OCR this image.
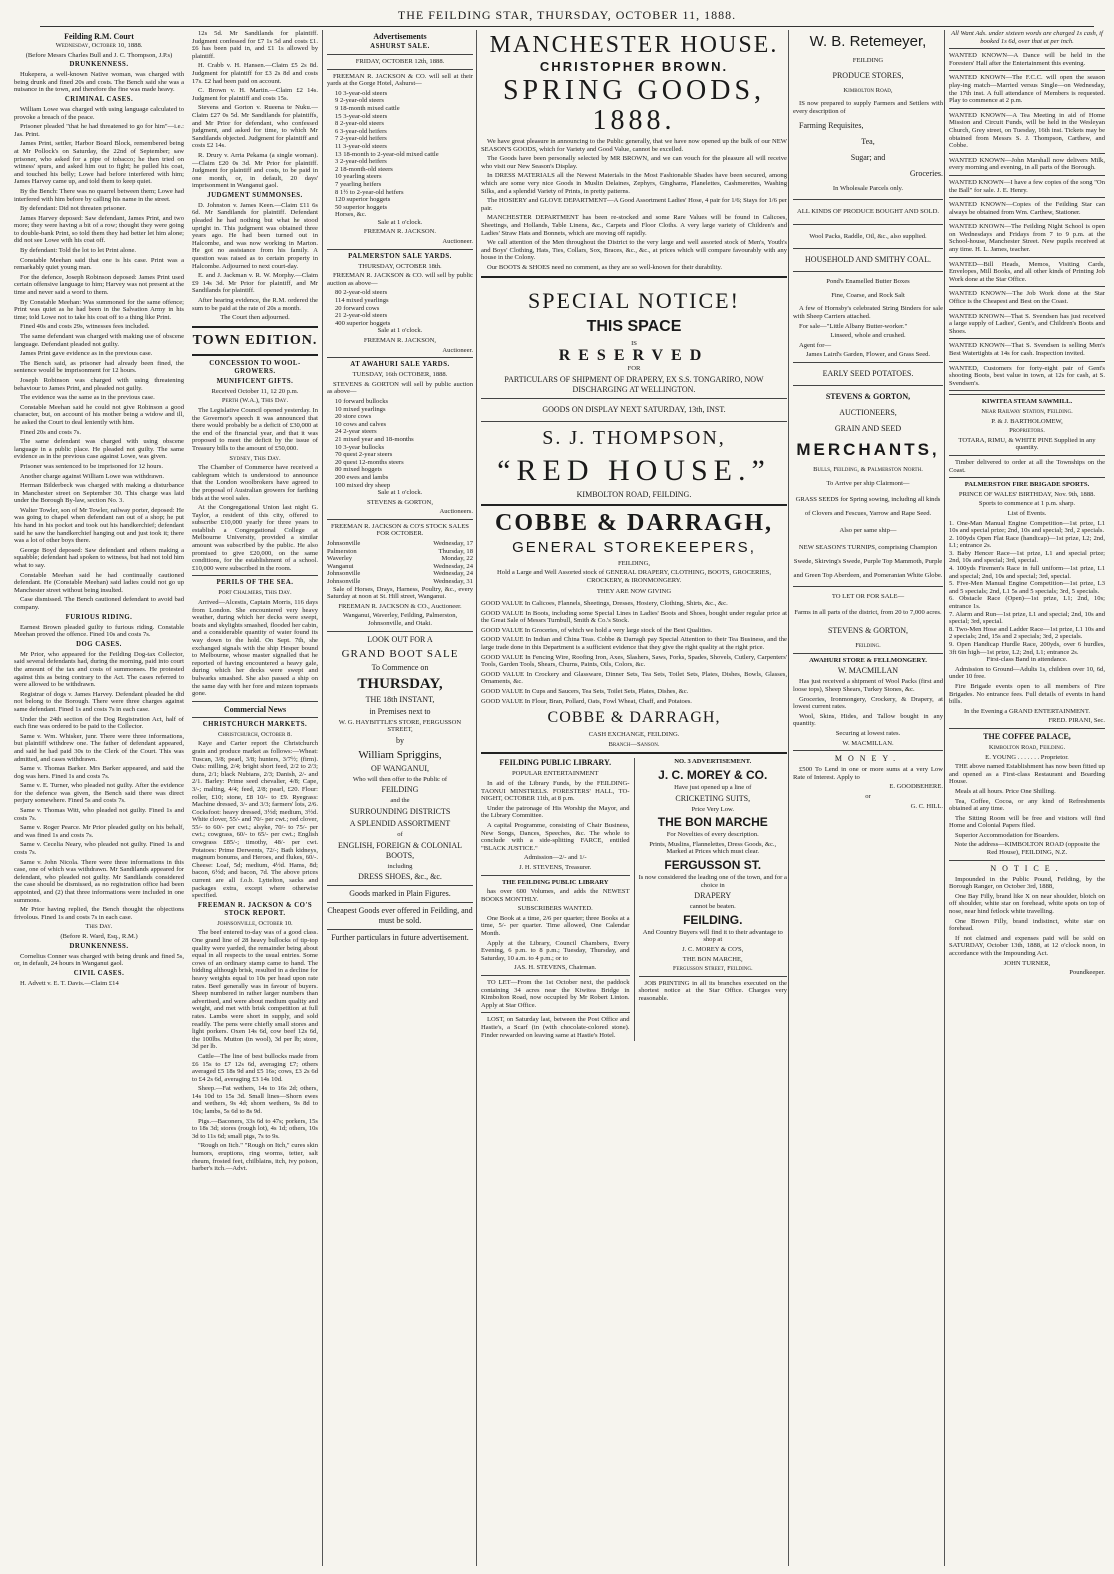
THE FEILDING STAR, THURSDAY, OCTOBER 11, 1888.
Feilding R.M. Court

Wednesday, October 10, 1888.

(Before Messrs Charles Bull and J. C. Thompson, J.P.s)

DRUNKENNESS.

Hukepera, a well-known Native woman, was charged with being drunk and fined 20s and costs. The Bench said she was a nuisance in the town, and therefore the fine was made heavy.

CRIMINAL CASES.

William Lowe was charged with using language calculated to provoke a breach of the peace.

Prisoner pleaded "that he had threatened to go for him"—i.e.: Jas. Print.

James Print, settler, Harbor Board Block, remembered being at Mr Pollock's on Saturday, the 22nd of September; saw prisoner, who asked for a pipe of tobacco; he then tried on witness' spurs, and asked him out to fight; he pulled his coat, and touched his belly; Lowe had before interfered with him; James Harvey came up, and told them to keep quiet.

By the Bench: There was no quarrel between them; Lowe had interfered with him before by calling his name in the street.

By defendant: Did not threaten prisoner.

James Harvey deposed: Saw defendant, James Print, and two more; they were having a bit of a row; thought they were going to double-bank Print, so told them they had better let him alone; did not see Lowe with his coat off.

By defendant: Told the lot to let Print alone.

Constable Meehan said that one is his case. Print was a remarkably quiet young man.

For the defence, Joseph Robinson deposed: James Print used certain offensive language to him; Harvey was not present at the time and never said a word to them.

By Constable Meehan: Was summoned for the same offence; Print was quiet as he had been in the Salvation Army in his time; told Lowe not to take his coat off to a thing like Print.

Fined 40s and costs 29s, witnesses fees included.

The same defendant was charged with making use of obscene language. Defendant pleaded not guilty.

James Print gave evidence as in the previous case.

The Bench said, as prisoner had already been fined, the sentence would be imprisonment for 12 hours.

Joseph Robinson was charged with using threatening behaviour to James Print, and pleaded not guilty.

The evidence was the same as in the previous case.

Constable Meehan said he could not give Robinson a good character, but, on account of his mother being a widow and ill, he asked the Court to deal leniently with him.

Fined 20s and costs 7s.

The same defendant was charged with using obscene language in a public place. He pleaded not guilty. The same evidence as in the previous case against Lowe, was given.

Prisoner was sentenced to be imprisoned for 12 hours.

Another charge against William Lowe was withdrawn.

Herman Bilderbeck was charged with making a disturbance in Manchester street on September 30. This charge was laid under the Borough By-law, section No. 3.

Walter Towler, son of Mr Towler, railway porter, deposed: He was going to chapel when defendant ran out of a shop; he put his hand in his pocket and took out his handkerchief; defendant said he saw the handkerchief hanging out and just took it; there was a lot of other boys there.

George Boyd deposed: Saw defendant and others making a squabble; defendant had spoken to witness, but had not told him what to say.

Constable Meehan said he had continually cautioned defendant. He (Constable Meehan) said ladies could not go up Manchester street without being insulted.

Case dismissed. The Bench cautioned defendant to avoid bad company.

FURIOUS RIDING.

Earnest Brown pleaded guilty to furious riding. Constable Meehan proved the offence. Fined 10s and costs 7s.

DOG CASES.

Mr Prior, who appeared for the Feilding Dog-tax Collector, said several defendants had, during the morning, paid into court the amount of the tax and costs of summonses. He protested against this as being contrary to the Act. The cases referred to were allowed to be withdrawn.

Registrar of dogs v. James Harvey. Defendant pleaded he did not belong to the Borough. There were three charges against same defendant. Fined 1s and costs 7s in each case.

Under the 24th section of the Dog Registration Act, half of each fine was ordered to be paid to the Collector.

Same v. Wm. Whisker, junr. There were three informations, but plaintiff withdrew one. The father of defendant appeared, and said he had paid 30s to the Clerk of the Court. This was admitted, and cases withdrawn.

Same v. Thomas Barker. Mrs Barker appeared, and said the dog was hers. Fined 1s and costs 7s.

Same v. E. Turner, who pleaded not guilty. After the evidence for the defence was given, the Bench said there was direct perjury somewhere. Fined 5s and costs 7s.

Same v. Thomas Witt, who pleaded not guilty. Fined 1s and costs 7s.

Same v. Roger Pearce. Mr Prior pleaded guilty on his behalf, and was fined 1s and costs 7s.

Same v. Cecelia Neary, who pleaded not guilty. Fined 1s and costs 7s.

Same v. John Nicola. There were three informations in this case, one of which was withdrawn. Mr Sandilands appeared for defendant, who pleaded not guilty. Mr Sandilands considered the case should be dismissed, as no registration office had been appointed, and (2) that three informations were included in one summons.

Mr Prior having replied, the Bench thought the objections frivolous. Fined 1s and costs 7s in each case.

This Day.

(Before R. Ward, Esq., R.M.)

DRUNKENNESS.

Cornelius Conner was charged with being drunk and fined 5s, or, in default, 24 hours in Wanganui gaol.

CIVIL CASES.

H. Advett v. E. T. Davis.—Claim £14

12s 5d. Mr Sandilands for plaintiff. Judgment confessed for £7 1s 5d and costs £1. £6 has been paid in, and £1 1s allowed by plaintiff.

H. Crabb v. H. Hansen.—Claim £5 2s 8d. Judgment for plaintiff for £3 2s 8d and costs 17s. £2 had been paid on account.

C. Brown v. H. Martin.—Claim £2 14s. Judgment for plaintiff and costs 15s.

Stevens and Gorton v. Rueena te Nuku.—Claim £27 0s 5d. Mr Sandilands for plaintiffs, and Mr Prior for defendant, who confessed judgment, and asked for time, to which Mr Sandilands objected. Judgment for plaintiff and costs £2 14s.

R. Drury v. Arria Pekama (a single woman).—Claim £20 0s 3d. Mr Prior for plaintiff. Judgment for plaintiff and costs, to be paid in one month, or, in default, 20 days' imprisonment in Wanganui gaol.

JUDGMENT SUMMONSES.

D. Johnston v. James Keen.—Claim £11 6s 6d. Mr Sandilands for plaintiff. Defendant pleaded he had nothing but what he stood upright in. This judgment was obtained three years ago. He had been turned out in Halcombe, and was now working in Marton. He got no assistance from his family. A question was raised as to certain property in Halcombe. Adjourned to next court-day.

E. and J. Jackman v. R. W. Morphy.—Claim £9 14s 3d. Mr Prior for plaintiff, and Mr Sandilands for plaintiff.

After hearing evidence, the R.M. ordered the sum to be paid at the rate of 20s a month.

The Court then adjourned.

TOWN EDITION.
CONCESSION TO WOOL-GROWERS.
MUNIFICENT GIFTS.

Received October 11, 12 20 p.m.

Perth (W.A.), This Day.

The Legislative Council opened yesterday. In the Governor's speech it was announced that there would probably be a deficit of £30,000 at the end of the financial year, and that it was proposed to meet the deficit by the issue of Treasury bills to the amount of £50,000.

Sydney, This Day.

The Chamber of Commerce have received a cablegram which is understood to announce that the London woolbrokers have agreed to the proposal of Australian growers for farthing bids at the wool sales.

At the Congregational Union last night G. Taylor, a resident of this city, offered to subscribe £10,000 yearly for three years to establish a Congregational College at Melbourne University, provided a similar amount was subscribed by the public. He also promised to give £20,000, on the same conditions, for the establishment of a school. £10,000 were subscribed in the room.

PERILS OF THE SEA.

Port Chalmers, This Day.

Arrived—Alcestis, Captain Morris, 116 days from London. She encountered very heavy weather, during which her decks were swept, boats and skylights smashed, flooded her cabin, and a considerable quantity of water found its way down to the hold. On Sept. 7th, she exchanged signals with the ship Hesper bound to Melbourne, whose master signalled that he reported of having encountered a heavy gale, during which her decks were swept and bulwarks smashed. She also passed a ship on the same day with her fore and mizen topmasts gone.

Commercial News
CHRISTCHURCH MARKETS.

Christchurch, October 8.

Kaye and Carter report the Christchurch grain and produce market as follows:—Wheat: Tuscan, 3/8; pearl, 3/8; hunters, 3/7½; (firm). Oats: milling, 2/4; bright short feed, 2/2 to 2/3; duns, 2/1; black Nubians, 2/3; Danish, 2/- and 2/1. Barley: Prime seed chevalier, 4/8; Cape, 3/-; malting, 4/4; feed, 2/8; pearl, £20. Flour: roller, £10; stone, £8 10/- to £9. Ryegrass: Machine dressed, 3/- and 3/3; farmers' lots, 2/6. Cocksfoot: heavy dressed, 3½d; medium, 3½d. White clover, 55/- and 70/- per cwt.; red clover, 55/- to 60/- per cwt.; alsyke, 70/- to 75/- per cwt.; cowgrass, 60/- to 65/- per cwt.; English cowgrass £85/-; timothy, 48/- per cwt. Potatoes: Prime Derwents, 72/-; Bath kidneys, magnum bonums, and Heroes, and flukes, 60/-. Cheese: Loaf, 5d; medium, 4½d. Hams, 8d; bacon, 6½d; and bacon, 7d. The above prices current are all f.o.b. Lyttelton, sacks and packages extra, except where otherwise specified.

FREEMAN R. JACKSON & CO'S STOCK REPORT.

Johnsonville, October 10.

The beef entered to-day was of a good class. One grand line of 28 heavy bullocks of tip-top quality were yarded, the remainder being about equal in all respects to the usual entries. Some cows of an ordinary stamp came to hand. The bidding although brisk, resulted in a decline for heavy weights equal to 10s per head upon rate rates. Beef generally was in favour of buyers. Sheep numbered in rather larger numbers than advertised, and were about medium quality and weight, and met with brisk competition at full rates. Lambs were short in supply, and sold readily. The pens were chiefly small stores and light porkers. Oxen 14s 6d, cow beef 12s 6d, the 100lbs. Mutton (in wool), 3d per lb; store, 3d per lb.

Cattle—The line of best bullocks made from £6 15s to £7 12s 6d, averaging £7; others averaged £5 18s 9d and £5 16s; cows, £3 2s 6d to £4 2s 6d, averaging £3 14s 10d.

Sheep.—Fat wethers, 14s to 16s 2d; others, 14s 10d to 15s 3d. Small lines—Shorn ewes and wethers, 9s 4d; shorn wethers, 9s 8d to 10s; lambs, 5s 6d to 8s 9d.

Pigs.—Baconers, 33s 6d to 47s; porkers, 15s to 18s 3d; stores (rough lot), 4s 1d; others, 10s 3d to 11s 6d; small pigs, 7s to 9s.

"Rough on Itch." "Rough on Itch," cures skin humors, eruptions, ring worms, tetter, salt rheum, frosted feet, chilblains, itch, ivy poison, barber's itch.—Advt.

Advertisements
ASHURST SALE.

FRIDAY, OCTOBER 12th, 1888.

FREEMAN R. JACKSON & CO. will sell at their yards at the Gorge Hotel, Ashurst—

10 3-year-old steers
9 2-year-old steers
9 18-month mixed cattle
15 3-year-old steers
8 2-year-old steers
6 3-year-old heifers
7 2-year-old heifers
11 3-year-old steers
13 18-month to 2-year-old mixed cattle
3 2-year-old heifers
2 18-month-old steers
10 yearling steers
7 yearling heifers
8 1½ to 2-year-old heifers
120 superior hoggets
50 superior hoggets
Horses, &c.

Sale at 1 o'clock.

FREEMAN R. JACKSON.

Auctioneer.

PALMERSTON SALE YARDS.

THURSDAY, OCTOBER 18th.

FREEMAN R. JACKSON & CO. will sell by public auction as above—

80 2-year-old steers
114 mixed yearlings
20 forward cows
21 2-year-old steers
400 superior hoggets

Sale at 1 o'clock.

FREEMAN R. JACKSON,

Auctioneer.

AT AWAHURI SALE YARDS.

TUESDAY, 16th OCTOBER, 1888.

STEVENS & GORTON will sell by public auction as above—

10 forward bullocks
10 mixed yearlings
20 store cows
10 cows and calves
24 2-year steers
21 mixed year and 18-months
10 3-year bullocks
70 quest 2-year steers
20 quest 12-months steers
80 mixed hoggets
200 ewes and lambs
100 mixed dry sheep

Sale at 1 o'clock.

STEVENS & GORTON,

Auctioneers.

FREEMAN R. JACKSON & CO'S STOCK SALES FOR OCTOBER.

Johnsonville	Wednesday, 17
Palmerston	Thursday, 18
Waverley	Monday, 22
Wanganui	Wednesday, 24
Johnsonville	Wednesday, 24
Johnsonville	Wednesday, 31

Sale of Horses, Drays, Harness, Poultry, &c., every Saturday at noon at St. Hill street, Wanganui.

FREEMAN R. JACKSON & CO., Auctioneer.

Wanganui, Waverley, Feilding, Palmerston, Johnsonville, and Otaki.

LOOK OUT FOR A

GRAND BOOT SALE

To Commence on

THURSDAY,

THE 18th INSTANT,

in Premises next to

W. G. HAYBITTLE'S STORE, FERGUSSON STREET,

by

William Spriggins,

OF WANGANUI,

Who will then offer to the Public of

FEILDING

and the

SURROUNDING DISTRICTS

A SPLENDID ASSORTMENT

of

ENGLISH, FOREIGN & COLONIAL BOOTS,

including

DRESS SHOES, &c., &c.

Goods marked in Plain Figures.

Cheapest Goods ever offered in Feilding, and must be sold.

Further particulars in future advertisement.

MANCHESTER HOUSE.
CHRISTOPHER BROWN.
SPRING GOODS, 1888.

We have great pleasure in announcing to the Public generally, that we have now opened up the bulk of our NEW SEASON'S GOODS, which for Variety and Good Value, cannot be excelled.

The Goods have been personally selected by MR BROWN, and we can vouch for the pleasure all will receive who visit our New Season's Display.

In DRESS MATERIALS all the Newest Materials in the Most Fashionable Shades have been secured, among which are some very nice Goods in Muslin Delaines, Zephyrs, Ginghams, Flanelettes, Cashmerettes, Washing Silks, and a splendid Variety of Prints, in pretty patterns.

The HOSIERY and GLOVE DEPARTMENT—A Good Assortment Ladies' Hose, 4 pair for 1/6; Stays for 1/6 per pair.

MANCHESTER DEPARTMENT has been re-stocked and some Rare Values will be found in Calicoes, Sheetings, and Hollands, Table Linens, &c., Carpets and Floor Cloths. A very large variety of Children's and Ladies' Straw Hats and Bonnets, which are moving off rapidly.

We call attention of the Men throughout the District to the very large and well assorted stock of Men's, Youth's and Boys' Clothing, Hats, Ties, Collars, Sox, Braces, &c., &c., at prices which will compare favourably with any house in the Colony.

Our BOOTS & SHOES need no comment, as they are so well-known for their durability.

SPECIAL NOTICE!
THIS SPACE

IS

RESERVED

FOR

PARTICULARS OF SHIPMENT OF DRAPERY, EX S.S. TONGARIRO, NOW DISCHARGING AT WELLINGTON.

GOODS ON DISPLAY NEXT SATURDAY, 13th, INST.

S. J. THOMPSON,
“RED HOUSE.”

KIMBOLTON ROAD, FEILDING.

COBBE & DARRAGH,
GENERAL STOREKEEPERS,

FEILDING,

Hold a Large and Well Assorted stock of GENERAL DRAPERY, CLOTHING, BOOTS, GROCERIES, CROCKERY, & IRONMONGERY.

THEY ARE NOW GIVING

GOOD VALUE In Calicoes, Flannels, Sheetings, Dresses, Hosiery, Clothing, Shirts, &c., &c.

GOOD VALUE In Boots, including some Special Lines in Ladies' Boots and Shoes, bought under regular price at the Great Sale of Messrs Turnbull, Smith & Co.'s Stock.

GOOD VALUE In Groceries, of which we hold a very large stock of the Best Qualities.

GOOD VALUE In Indian and China Teas. Cobbe & Darragh pay Special Attention to their Tea Business, and the large trade done in this Department is a sufficient evidence that they give the right quality at the right price.

GOOD VALUE In Fencing Wire, Roofing Iron, Axes, Slashers, Saws, Forks, Spades, Shovels, Cutlery, Carpenters' Tools, Garden Tools, Shears, Churns, Paints, Oils, Colors, &c.

GOOD VALUE In Crockery and Glassware, Dinner Sets, Tea Sets, Toilet Sets, Plates, Dishes, Bowls, Glasses, Ornaments, &c.

GOOD VALUE In Cups and Saucers, Tea Sets, Toilet Sets, Plates, Dishes, &c.

GOOD VALUE In Flour, Bran, Pollard, Oats, Fowl Wheat, Chaff, and Potatoes.

COBBE & DARRAGH,

CASH EXCHANGE, FEILDING.

Branch—Sanson.

FEILDING PUBLIC LIBRARY.

POPULAR ENTERTAINMENT

In aid of the Library Funds, by the FEILDING-TAONUI MINSTRELS. FORESTERS' HALL, TO-NIGHT, OCTOBER 11th, at 8 p.m.

Under the patronage of His Worship the Mayor, and the Library Committee.

A capital Programme, consisting of Chair Business, New Songs, Dances, Speeches, &c. The whole to conclude with a side-splitting FARCE, entitled "BLACK JUSTICE."

Admission—2/- and 1/-

J. H. STEVENS, Treasurer.

THE FEILDING PUBLIC LIBRARY

has over 600 Volumes, and adds the NEWEST BOOKS MONTHLY.

SUBSCRIBERS WANTED.

One Book at a time, 2/6 per quarter; three Books at a time, 5/- per quarter. Time allowed, One Calendar Month.

Apply at the Library, Council Chambers, Every Evening, 6 p.m. to 8 p.m.; Tuesday, Thursday, and Saturday, 10 a.m. to 4 p.m.; or to

JAS. H. STEVENS, Chairman.

TO LET—From the 1st October next, the paddock containing 34 acres near the Kiwitea Bridge in Kimbolton Road, now occupied by Mr Robert Linton. Apply at Star Office.

LOST, on Saturday last, between the Post Office and Hastie's, a Scarf (in (with chocolate-colored stone). Finder rewarded on leaving same at Hastie's Hotel.

NO. 3 ADVERTISEMENT.

J. C. MOREY & CO.

Have just opened up a line of

CRICKETING SUITS,

Price Very Low.

THE BON MARCHE

For Novelties of every description.

Prints, Muslins, Flannelettes, Dress Goods, &c., Marked at Prices which must clear.

FERGUSSON ST.

Is now considered the leading one of the town, and for a choice in

DRAPERY

cannot be beaten.

FEILDING.

And Country Buyers will find it to their advantage to shop at

J. C. MOREY & CO'S,

THE BON MARCHE,

Fergusson Street, Feilding.

JOB PRINTING in all its branches executed on the shortest notice at the Star Office. Charges very reasonable.

W. B. Retemeyer,

FEILDING

PRODUCE STORES,

Kimbolton Road,

IS now prepared to supply Farmers and Settlers with every description of

Farming Requisites,

Tea,

Sugar; and

Groceries.

In Wholesale Parcels only.

ALL KINDS OF PRODUCE BOUGHT AND SOLD.

Wool Packs, Raddle, Oil, &c., also supplied.

HOUSEHOLD AND SMITHY COAL.

Pond's Enamelled Butter Boxes

Fine, Coarse, and Rock Salt

A few of Hornsby's celebrated String Binders for sale with Sheep Carriers attached.

For sale—"Little Albany Butter-worker."

Linseed, whole and crushed.

Agent for—

James Laird's Garden, Flower, and Grass Seed.

EARLY SEED POTATOES.

STEVENS & GORTON,

AUCTIONEERS,

GRAIN AND SEED

MERCHANTS,

Bulls, Feilding, & Palmerston North.

To Arrive per ship Clairmont—

GRASS SEEDS for Spring sowing, including all kinds of Clovers and Fescues, Yarrow and Rape Seed.

Also per same ship—

NEW SEASON'S TURNIPS, comprising Champion Swede, Skirving's Swede, Purple Top Mammoth, Purple and Green Top Aberdeen, and Pomeranian White Globe.

TO LET OR FOR SALE—

Farms in all parts of the district, from 20 to 7,000 acres.

STEVENS & GORTON,

Feilding.

AWAHURI STORE & FELLMONGERY.

W. MACMILLAN

Has just received a shipment of Wool Packs (first and loose tops), Sheep Shears, Turkey Stones, &c.

Groceries, Ironmongery, Crockery, & Drapery, at lowest current rates.

Wool, Skins, Hides, and Tallow bought in any quantity.

Securing at lowest rates.

W. MACMILLAN.

MONEY.

£500 To Lend in one or more sums at a very Low Rate of Interest. Apply to

E. GOODBEHERE.

or

G. C. HILL.

All Want Ads. under sixteen words are charged 1s cash, if booked 1s 6d, over that at per inch.

WANTED KNOWN—A Dance will be held in the Foresters' Hall after the Entertainment this evening.

WANTED KNOWN—The F.C.C. will open the season play-ing match—Married versus Single—on Wednesday, the 17th inst. A full attendance of Members is requested. Play to commence at 2 p.m.

WANTED KNOWN—A Tea Meeting in aid of Home Mission and Circuit Funds, will be held in the Wesleyan Church, Grey street, on Tuesday, 16th inst. Tickets may be obtained from Messrs S. J. Thompson, Carthew, and Cobbe.

WANTED KNOWN—John Marshall now delivers Milk, every morning and evening, in all parts of the Borough.

WANTED KNOWN—I have a few copies of the song "On the Ball" for sale. J. E. Henry.

WANTED KNOWN—Copies of the Feilding Star can always be obtained from Wm. Carthew, Stationer.

WANTED KNOWN—The Feilding Night School is open on Wednesdays and Fridays from 7 to 9 p.m. at the School-house, Manchester Street. New pupils received at any time. H. L. James, teacher.

WANTED—Bill Heads, Memos, Visiting Cards, Envelopes, Mill Books, and all other kinds of Printing Job Work done at the Star Office.

WANTED KNOWN—The Job Work done at the Star Office is the Cheapest and Best on the Coast.

WANTED KNOWN—That S. Svendsen has just received a large supply of Ladies', Gent's, and Children's Boots and Shoes.

WANTED KNOWN—That S. Svendsen is selling Men's Best Watertights at 14s for cash. Inspection invited.

WANTED, Customers for forty-eight pair of Gent's shooting Boots, best value in town, at 12s for cash, at S. Svendsen's.

KIWITEA STEAM SAWMILL.

Near Railway Station, Feilding.

P. & J. BARTHOLOMEW,

Proprietors.

TOTARA, RIMU, & WHITE PINE Supplied in any quantity.

Timber delivered to order at all the Townships on the Coast.

PALMERSTON FIRE BRIGADE SPORTS.

PRINCE OF WALES' BIRTHDAY, Nov. 9th, 1888.

Sports to commence at 1 p.m. sharp.

List of Events.

1. One-Man Manual Engine Competition—1st prize, L1 10s and special prize; 2nd, 10s and special; 3rd, 2 specials.
2. 100yds Open Flat Race (handicap)—1st prize, L2; 2nd, L1; entrance 2s.
3. Baby Hencer Race—1st prize, L1 and special prize; 2nd, 10s and special; 3rd, special.
4. 100yds Firemen's Race in full uniform—1st prize, L1 and special; 2nd, 10s and special; 3rd, special.
5. Five-Men Manual Engine Competition—1st prize, L3 and 5 specials; 2nd, L1 5s and 5 specials; 3rd, 5 specials.
6. Obstacle Race (Open)—1st prize, L1; 2nd, 10s; entrance 1s.
7. Alarm and Run—1st prize, L1 and special; 2nd, 10s and special; 3rd, special.
8. Two-Men Hose and Ladder Race—1st prize, L1 10s and 2 specials; 2nd, 15s and 2 specials; 3rd, 2 specials.
9. Open Handicap Hurdle Race, 200yds, over 6 hurdles, 3ft 6in high—1st prize, L2; 2nd, L1; entrance 2s.

First-class Band in attendance.

Admission to Ground—Adults 1s, children over 10, 6d, under 10 free.

Fire Brigade events open to all members of Fire Brigades. No entrance fees. Full details of events in hand bills.

In the Evening a GRAND ENTERTAINMENT.

FRED. PIRANI, Sec.

THE COFFEE PALACE,

Kimbolton Road, Feilding.

E. YOUNG . . . . . . . Proprietor.

THE above named Establishment has now been fitted up and opened as a First-class Restaurant and Boarding House.

Meals at all hours. Price One Shilling.

Tea, Coffee, Cocoa, or any kind of Refreshments obtained at any time.

The Sitting Room will be free and visitors will find Home and Colonial Papers filed.

Superior Accommodation for Boarders.

Note the address—KIMBOLTON ROAD (opposite the Red House), FEILDING, N.Z.

NOTICE.

Impounded in the Public Pound, Feilding, by the Borough Ranger, on October 3rd, 1888,

One Bay Filly, brand like X on near shoulder, blotch on off shoulder, white star on forehead, white spots on top of nose, near hind fetlock white travelling.

One Brown Filly, brand indistinct, white star on forehead.

If not claimed and expenses paid will be sold on SATURDAY, October 13th, 1888, at 12 o'clock noon, in accordance with the Impounding Act.

JOHN TURNER,

Poundkeeper.
